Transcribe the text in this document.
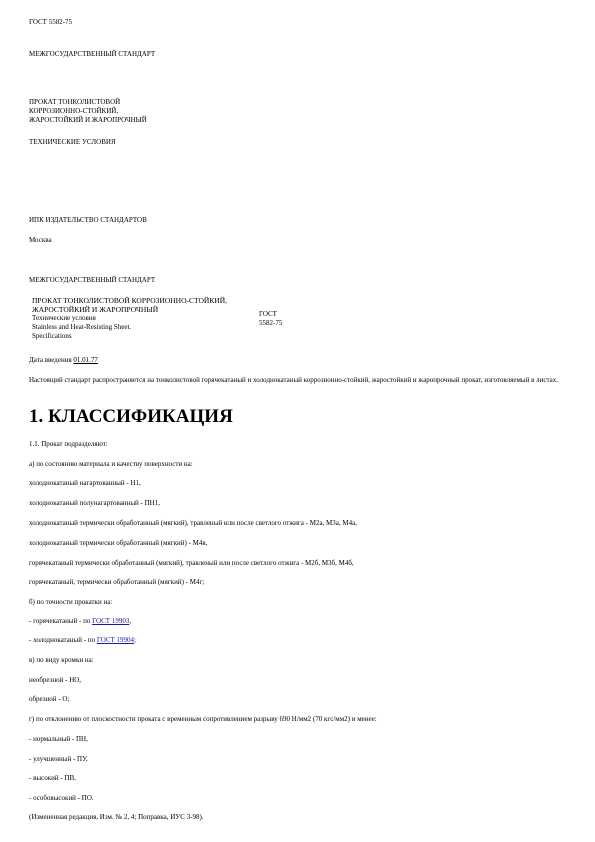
ГОСТ 5582-75
МЕЖГОСУДАРСТВЕННЫЙ СТАНДАРТ
ПРОКАТ ТОНКОЛИСТОВОЙ
КОРРОЗИОННО-СТОЙКИЙ,
ЖАРОСТОЙКИЙ И ЖАРОПРОЧНЫЙ
ТЕХНИЧЕСКИЕ УСЛОВИЯ
ИПК ИЗДАТЕЛЬСТВО СТАНДАРТОВ
Москва
МЕЖГОСУДАРСТВЕННЫЙ СТАНДАРТ
ПРОКАТ ТОНКОЛИСТОВОЙ КОРРОЗИОННО-СТОЙКИЙ,
ЖАРОСТОЙКИЙ И ЖАРОПРОЧНЫЙ
Технические условия
Stainless and Heat-Resisting Sheet.
Specifications
ГОСТ
5582-75
Дата введения 01.01.77
Настоящий стандарт распространяется на тонколистовой горячекатаный и холоднокатаный коррозионно-стойкий, жаростойкий и жаропрочный прокат, изготовляемый в листах.
1. КЛАССИФИКАЦИЯ
1.1. Прокат подразделяют:
а) по состоянию материала и качеству поверхности на:
холоднокатаный нагартованный - Н1,
холоднокатаный полунагартованный - ПН1,
холоднокатаный термически обработанный (мягкий), травленый или после светлого отжига - М2а, М3а, М4а,
холоднокатаный термически обработанный (мягкий) - М4в,
горячекатаный термически обработанный (мягкий), травленый или после светлого отжига - М2б, М3б, М4б,
горячекатаный, термически обработанный (мягкий) - М4г;
б) по точности прокатки на:
- горячекатаный - по ГОСТ 19903,
- холоднокатаный - по ГОСТ 19904;
в) по виду кромки на:
необрезной - НО,
обрезной - О;
г) по отклонению от плоскостности проката с временным сопротивлением разрыву 690 Н/мм2 (70 кгс/мм2) и менее:
- нормальный - ПН,
- улучшенный - ПУ,
- высокий - ПВ,
- особовысокий - ПО.
(Измененная редакция, Изм. № 2, 4; Поправка, ИУС 3-98).
